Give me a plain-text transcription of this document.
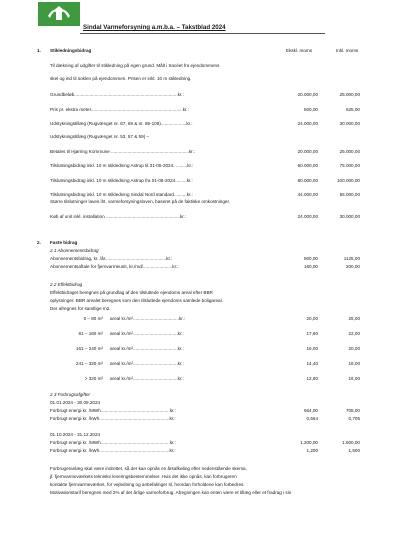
Sindal Varmeforsyning a.m.b.a. – Takstblad 2024
1. Stikledningsbidrag	Ekskl. moms	Inkl. moms
Til dækning af udgifter til stikledning på egen grund. Målt i tracéet fra ejendommens
skel og ind til soklen på ejendommen. Prisen er inkl. 10 m stikledning.
Grundbeløb.................................................................................kr.:	20.000,00	25.000,00
Pris pr. ekstra meter........................................................................kr.:	500,00	625,00
Udstykningstillæg (Rugvænget nr. 67, 69 & nr. 86-108)....................kr.:	24.000,00	30.000,00
Udstykningstillæg (Rugvænget nr. 53, 57 & 59) –
Betales til Hjørring Kommune .............................................................kr.:	20.000,00	25.000,00
Tilslutningsbidrag inkl. 10 m stikledning Astrup til 31-05-2024...........kr.:	60.000,00	75.000,00
Tilslutningsbidrag inkl. 10 m stikledning Astrup fra 01-06-2024.........kr.:	80.000,00	100.000,00
Tilslutningsbidrag inkl. 10 m stikledning Sindal Nord standard..........kr.:	44.000,00	55.000,00
Større tilslutninger laves iht. varmeforsyningsloven, baseret på de faktiske omkostninger.
Køb af unit inkl. installation ..........................................................kr.:	24.000,00	30.000,00
2. Faste bidrag
2.1 Abonnementsbidrag
Abonnementsbidrag, kr. /år................................................kr.:	900,00	1125,00
Abonnementsaftale for fjernvarmeunit, kr./md/.......................kr.:	160,00	200,00
2.2 Effektbidrag
Effektbidraget beregnes på grundlag af den tilsluttede ejendoms areal efter BBR
oplysninger. BBR arealet beregnes som den tilsluttede ejendoms samlede boligareal.
Der afregnes for samtlige m2.
0 – 80 m² areal kr./m²....................................kr.:	20,00	25,00
81 – 160 m² areal kr./m²...................................kr.:	17,60	22,00
161 – 240 m² areal kr./m²...................................kr.:	16,00	20,00
241 – 320 m² areal kr./m²...................................kr.:	14,40	18,00
> 320 m² areal kr./m²...................................kr.:	12,80	16,00
2.3 Forbrugsafgifter
01.01.2024 - 30.09.2024
Forbrugt energi kr. /MWh......................................................kr.:	564,00	705,00
Forbrugt energi kr. /kWh.......................................................kr.:	0,564	0,705
01.10.2024 - 31.12.2024
Forbrugt energi kr. /MWh......................................................kr.:	1.200,00	1.500,00
Forbrugt energi kr. /kWh.......................................................kr.:	1,200	1,500
Forbrugeranlæg skal være indrettet, så der kan opnås en årsafkøling efter nedenstående skema,
jf. fjernvarmeværkets tekniske leveringsbestemmelser. Hvis det ikke opnås, kan forbrugeren
kontakte fjernvarmeværket, for vejledning og anbefalinger til, hvordan forholdene kan forbedres.
Motivationstarif beregnes med 2% af det årlige varmeforbrug. Afregningen kan enten være et tillæg eller et fradrag i sin
